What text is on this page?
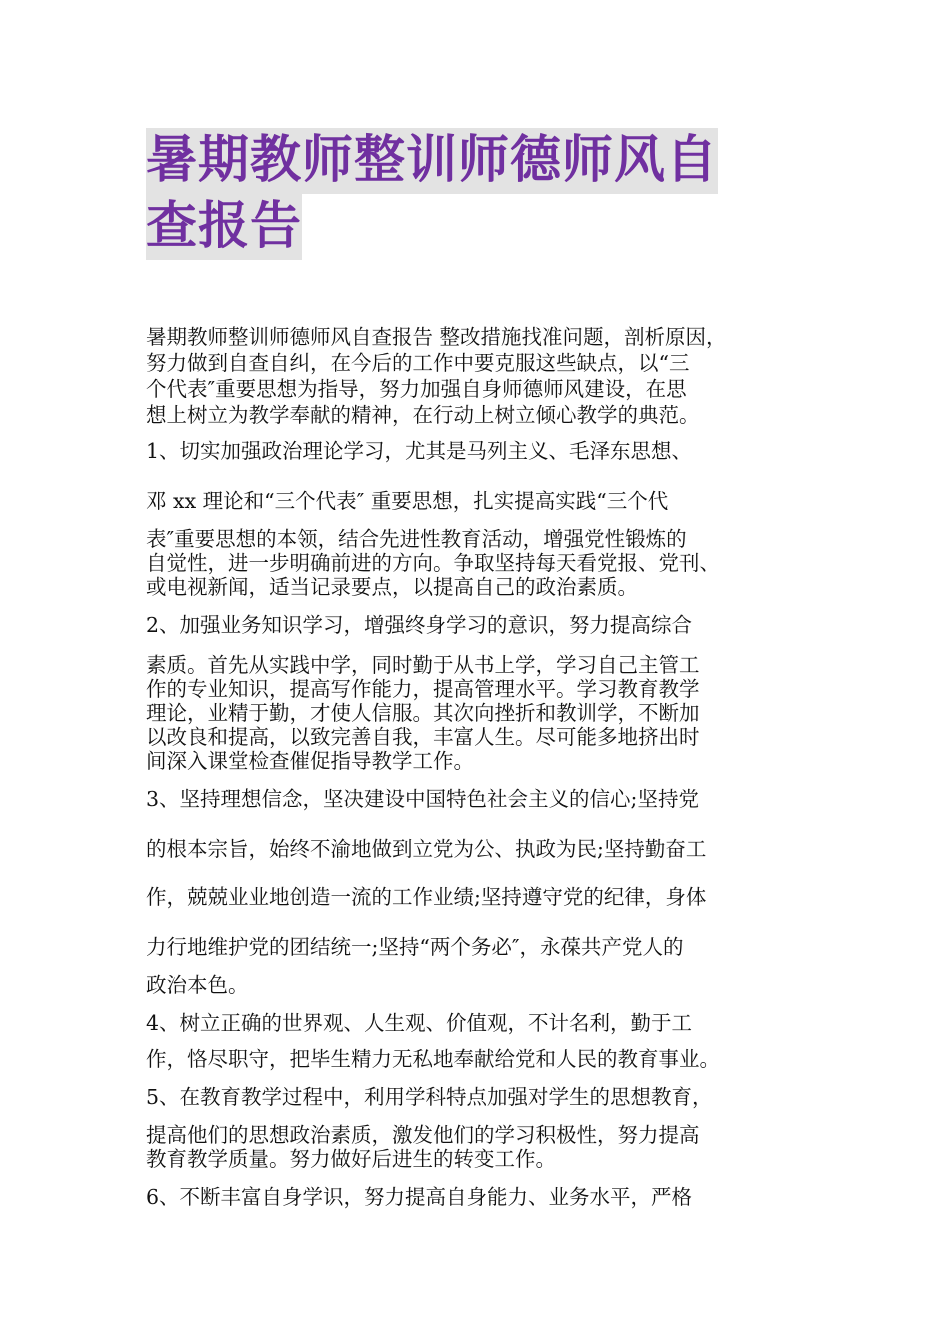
暑期教师整训师德师风自
查报告
暑期教师整训师德师风自查报告 整改措施找准问题，剖析原因，
努力做到自查自纠，在今后的工作中要克服这些缺点，以“三
个代表″重要思想为指导，努力加强自身师德师风建设，在思
想上树立为教学奉献的精神，在行动上树立倾心教学的典范。
1、切实加强政治理论学习，尤其是马列主义、毛泽东思想、
邓 xx 理论和“三个代表″ 重要思想，扎实提高实践“三个代
表″重要思想的本领，结合先进性教育活动，增强党性锻炼的
自觉性，进一步明确前进的方向。争取坚持每天看党报、党刊、
或电视新闻，适当记录要点，以提高自己的政治素质。
2、加强业务知识学习，增强终身学习的意识，努力提高综合
素质。首先从实践中学，同时勤于从书上学，学习自己主管工
作的专业知识，提高写作能力，提高管理水平。学习教育教学
理论，业精于勤，才使人信服。其次向挫折和教训学，不断加
以改良和提高，以致完善自我，丰富人生。尽可能多地挤出时
间深入课堂检查催促指导教学工作。
3、坚持理想信念，坚决建设中国特色社会主义的信心;坚持党
的根本宗旨，始终不渝地做到立党为公、执政为民;坚持勤奋工
作，兢兢业业地创造一流的工作业绩;坚持遵守党的纪律，身体
力行地维护党的团结统一;坚持“两个务必″，永葆共产党人的
政治本色。
4、树立正确的世界观、人生观、价值观，不计名利，勤于工
作，恪尽职守，把毕生精力无私地奉献给党和人民的教育事业。
5、在教育教学过程中，利用学科特点加强对学生的思想教育，
提高他们的思想政治素质，激发他们的学习积极性，努力提高
教育教学质量。努力做好后进生的转变工作。
6、不断丰富自身学识，努力提高自身能力、业务水平，严格
